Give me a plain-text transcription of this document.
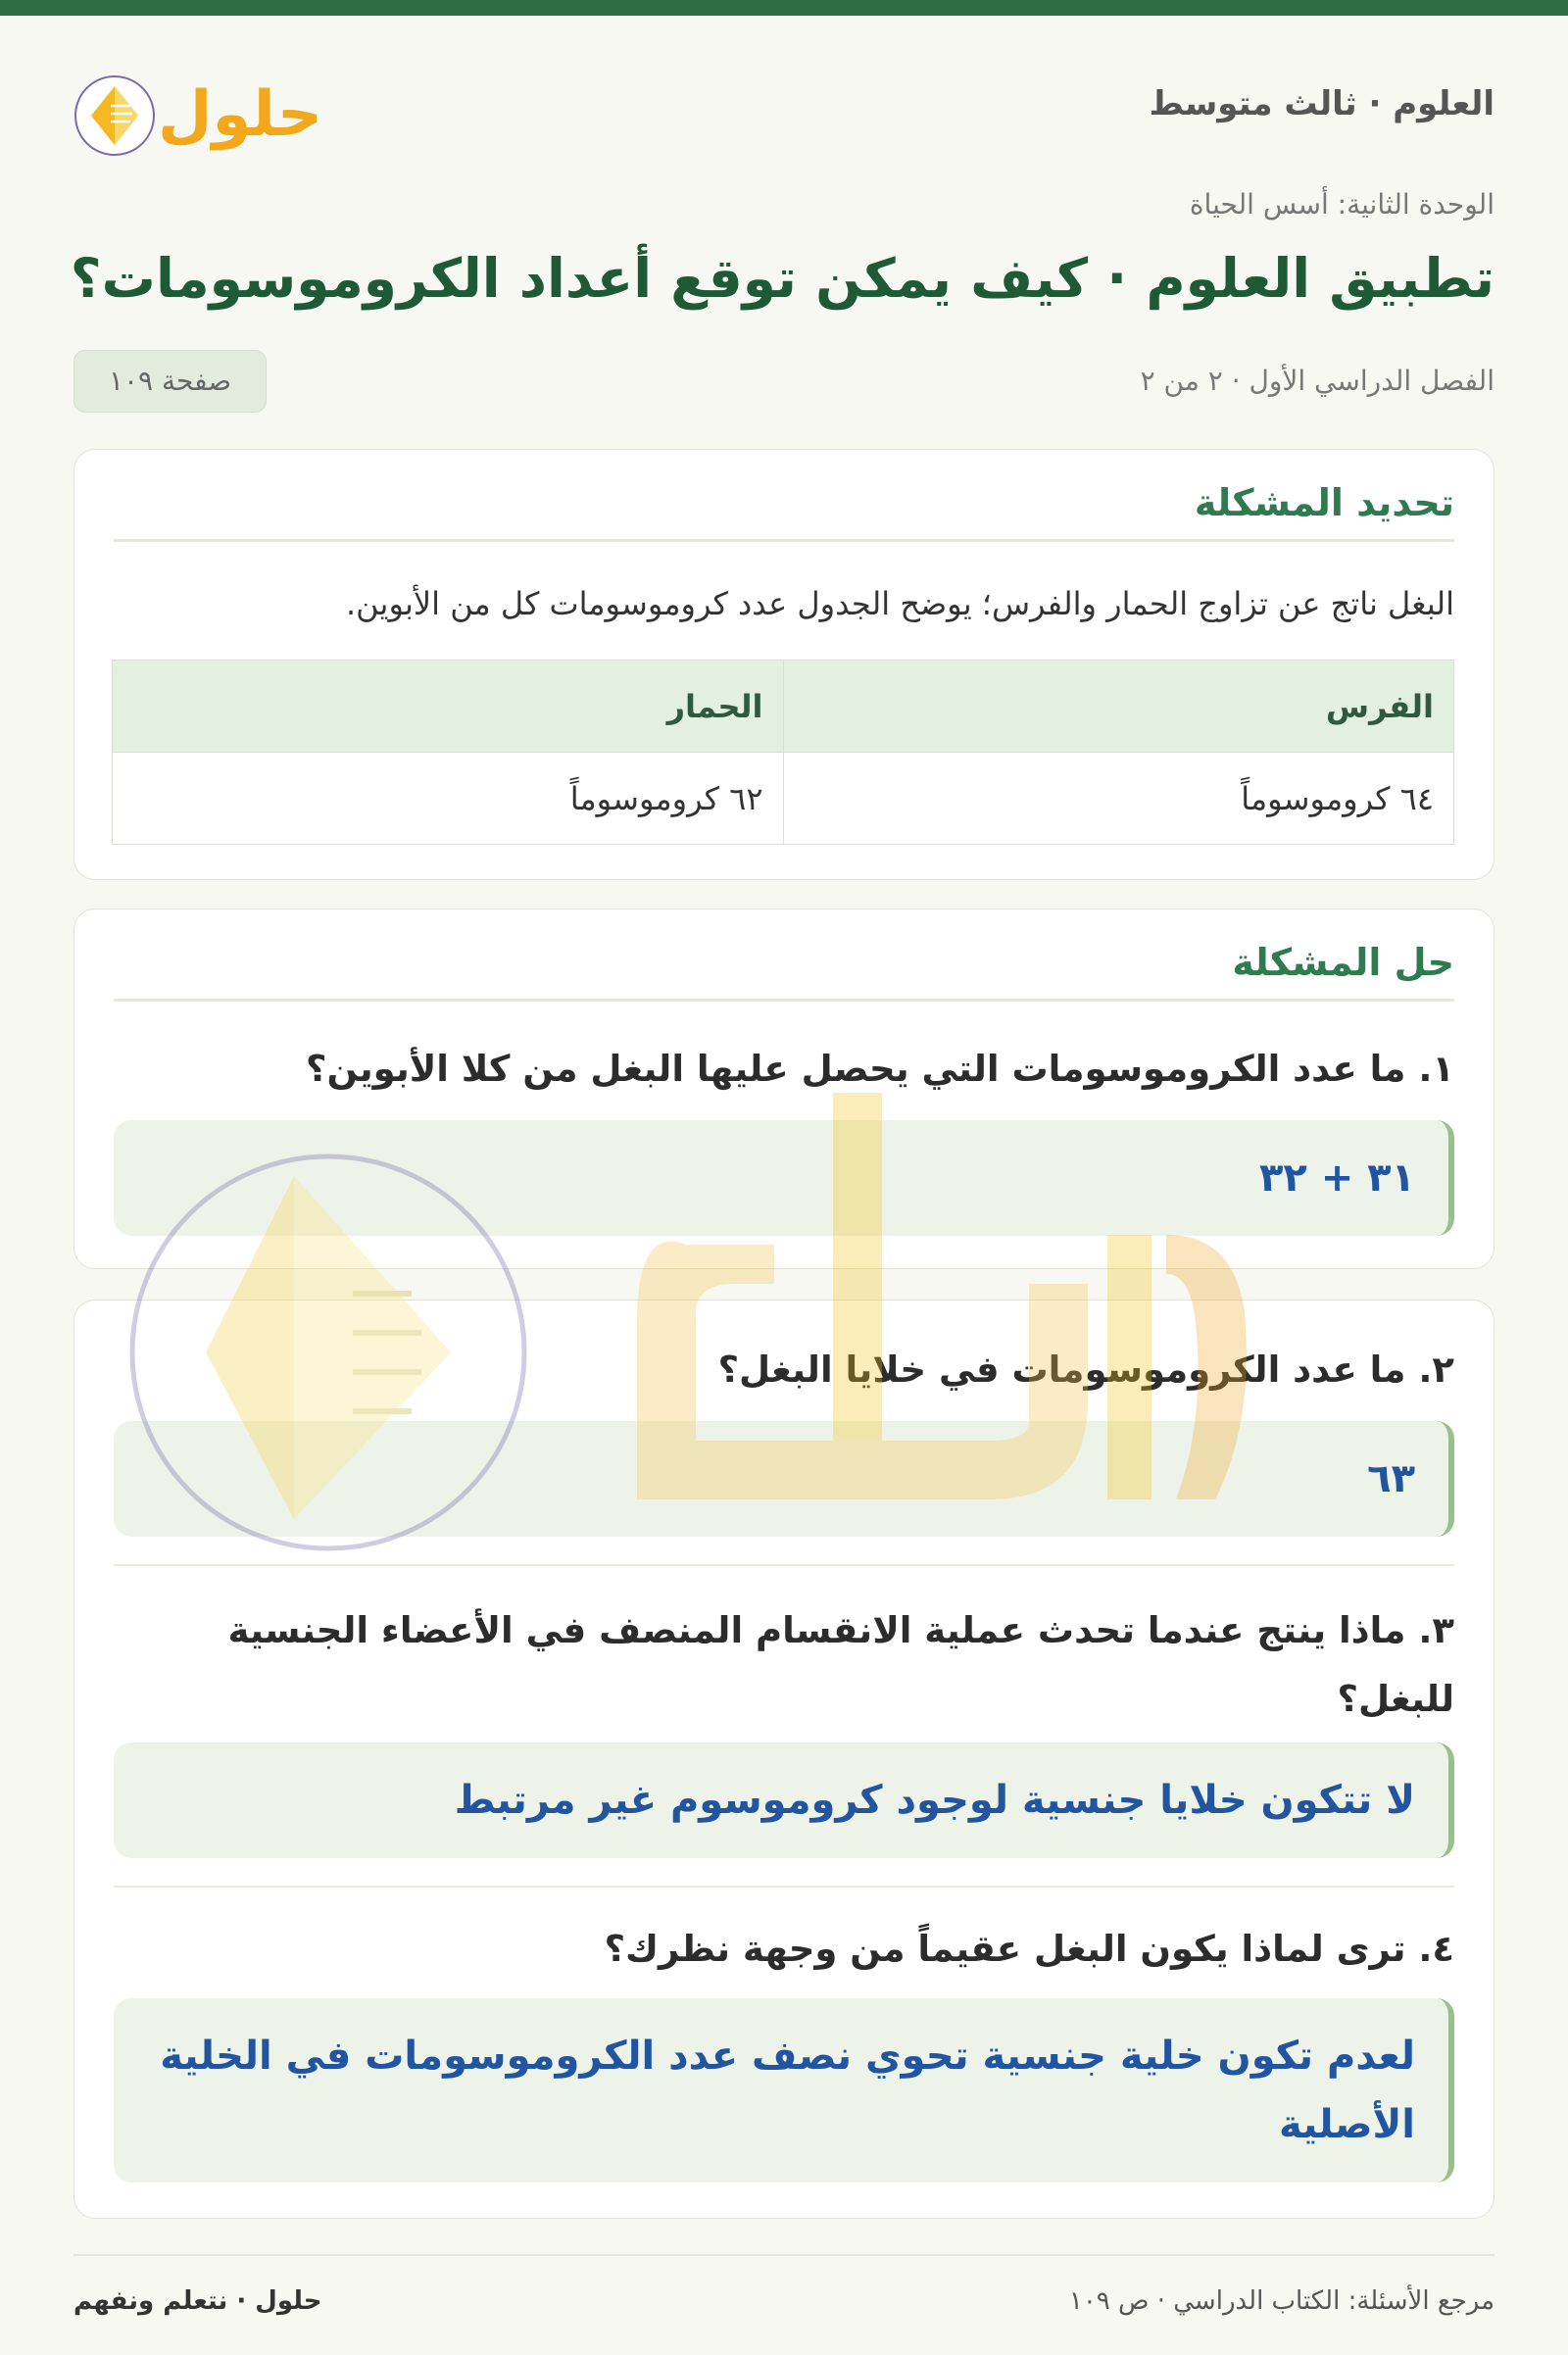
العلوم · ثالث متوسط
حلول
الوحدة الثانية: أسس الحياة
تطبيق العلوم · كيف يمكن توقع أعداد الكروموسومات؟
الفصل الدراسي الأول · ٢ من ٢
صفحة ١٠٩
تحديد المشكلة
البغل ناتج عن تزاوج الحمار والفرس؛ يوضح الجدول عدد كروموسومات كل من الأبوين.
الفرس	الحمار
٦٤ كروموسوماً	٦٢ كروموسوماً
حل المشكلة
١. ما عدد الكروموسومات التي يحصل عليها البغل من كلا الأبوين؟
٣١ + ٣٢
٢. ما عدد الكروموسومات في خلايا البغل؟
٦٣
٣. ماذا ينتج عندما تحدث عملية الانقسام المنصف في الأعضاء الجنسية للبغل؟
لا تتكون خلايا جنسية لوجود كروموسوم غير مرتبط
٤. ترى لماذا يكون البغل عقيماً من وجهة نظرك؟
لعدم تكون خلية جنسية تحوي نصف عدد الكروموسومات في الخلية الأصلية
مرجع الأسئلة: الكتاب الدراسي · ص ١٠٩
حلول · نتعلم ونفهم
